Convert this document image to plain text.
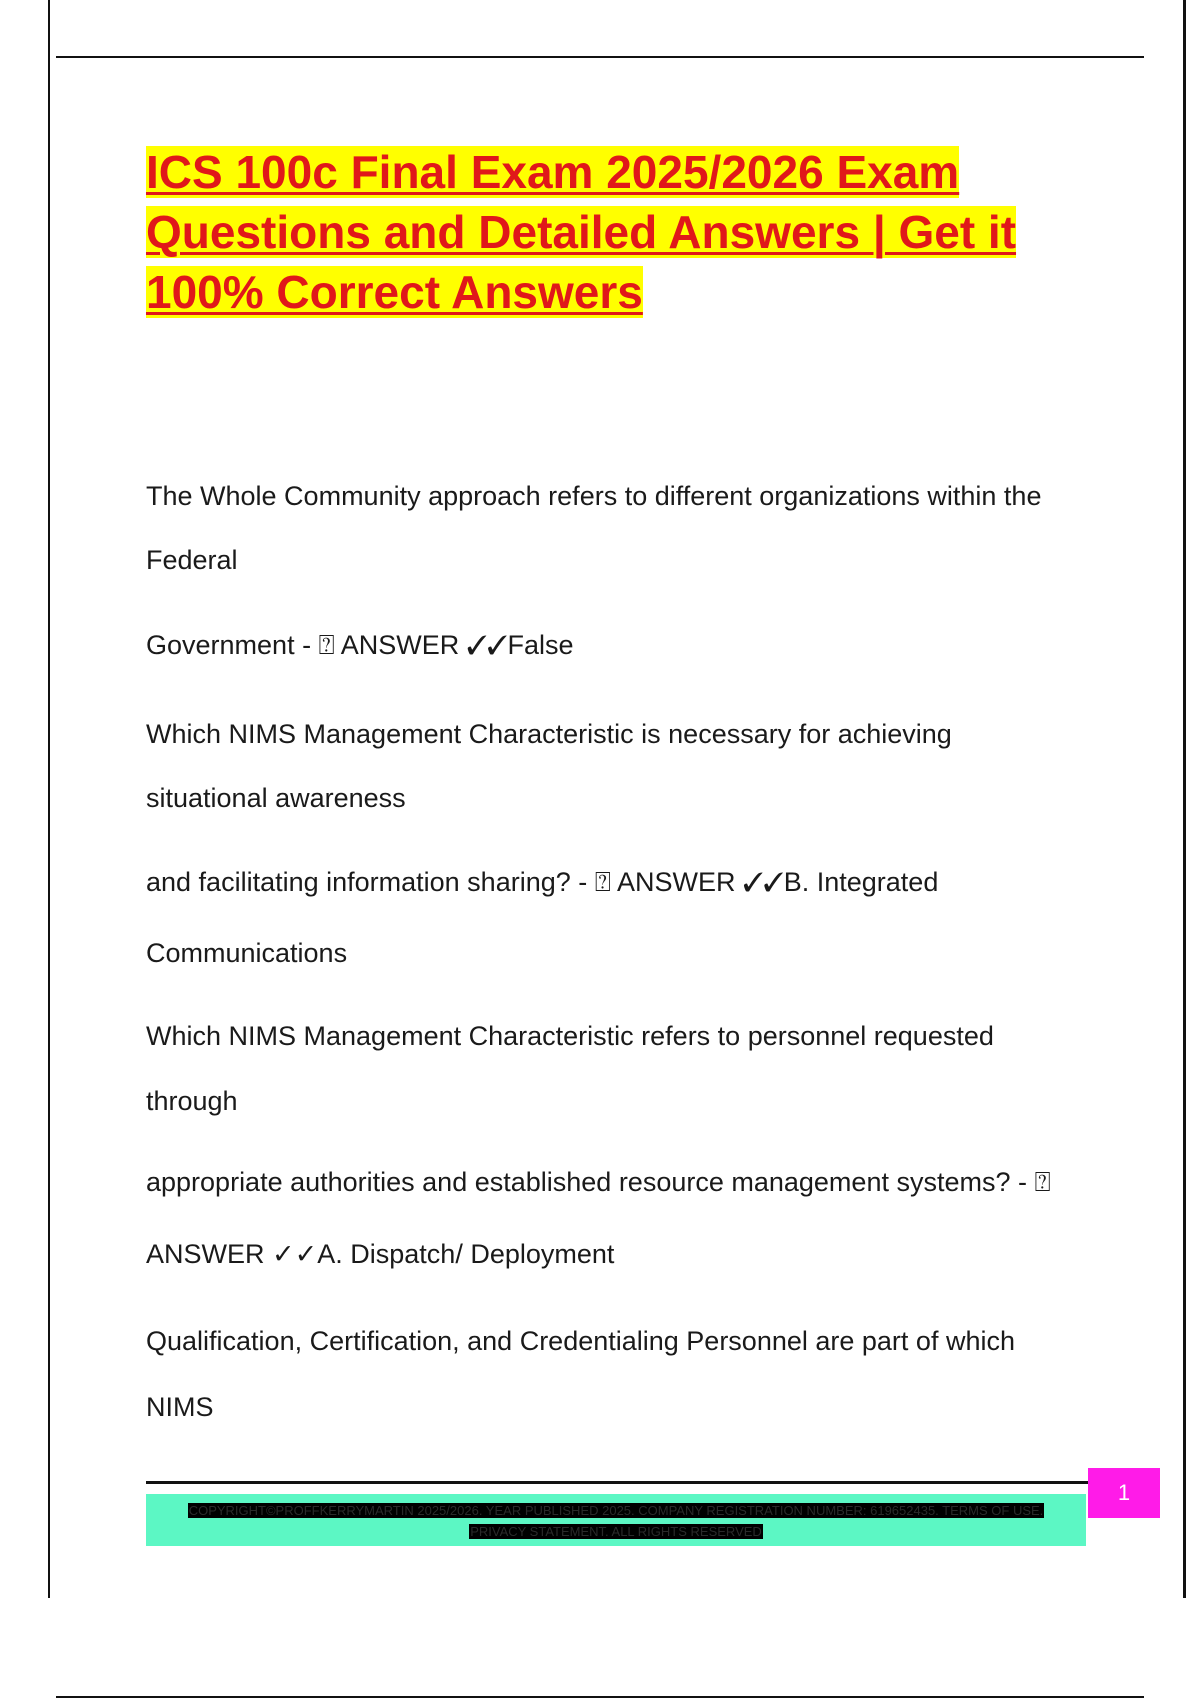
ICS 100c Final Exam 2025/2026 Exam
Questions and Detailed Answers | Get it
100% Correct Answers

The Whole Community approach refers to different organizations within the

Federal

Government - ⍰ ANSWER ✓✓False

Which NIMS Management Characteristic is necessary for achieving

situational awareness

and facilitating information sharing? - ⍰ ANSWER ✓✓B. Integrated

Communications

Which NIMS Management Characteristic refers to personnel requested

through

appropriate authorities and established resource management systems? - ⍰

ANSWER ✓✓A. Dispatch/ Deployment

Qualification, Certification, and Credentialing Personnel are part of which

NIMS

COPYRIGHT©PROFFKERRYMARTIN 2025/2026. YEAR PUBLISHED 2025. COMPANY REGISTRATION NUMBER: 619652435. TERMS OF USE.
PRIVACY STATEMENT. ALL RIGHTS RESERVED
1
